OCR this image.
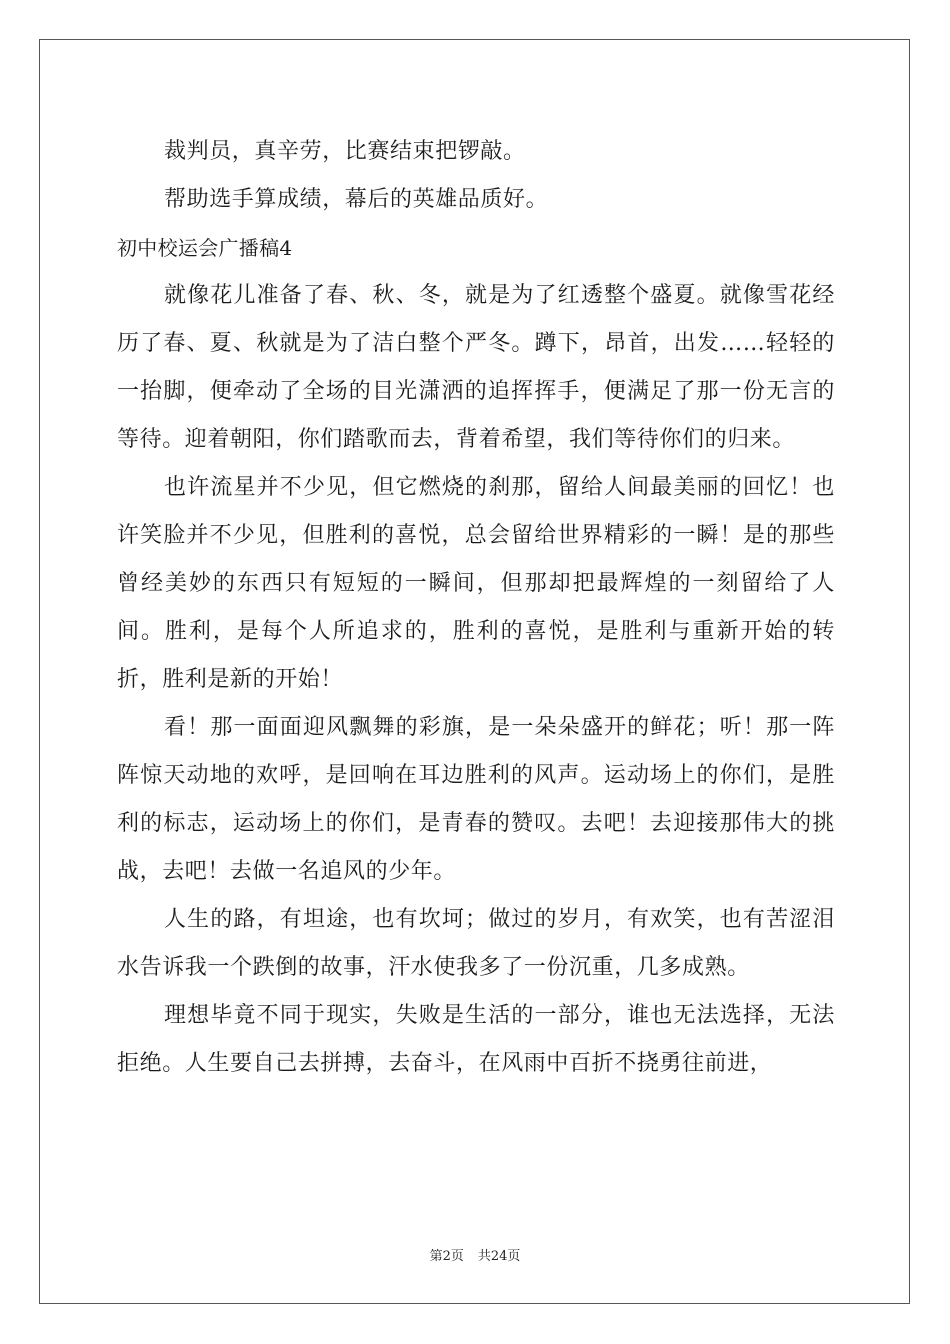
裁判员，真辛劳，比赛结束把锣敲。

帮助选手算成绩，幕后的英雄品质好。

初中校运会广播稿4

就像花儿准备了春、秋、冬，就是为了红透整个盛夏。就像雪花经历了春、夏、秋就是为了洁白整个严冬。蹲下，昂首，出发……轻轻的一抬脚，便牵动了全场的目光潇洒的追挥挥手，便满足了那一份无言的等待。迎着朝阳，你们踏歌而去，背着希望，我们等待你们的归来。

也许流星并不少见，但它燃烧的刹那，留给人间最美丽的回忆！也许笑脸并不少见，但胜利的喜悦，总会留给世界精彩的一瞬！是的那些曾经美妙的东西只有短短的一瞬间，但那却把最辉煌的一刻留给了人间。胜利，是每个人所追求的，胜利的喜悦，是胜利与重新开始的转折，胜利是新的开始！

看！那一面面迎风飘舞的彩旗，是一朵朵盛开的鲜花；听！那一阵阵惊天动地的欢呼，是回响在耳边胜利的风声。运动场上的你们，是胜利的标志，运动场上的你们，是青春的赞叹。去吧！去迎接那伟大的挑战，去吧！去做一名追风的少年。

人生的路，有坦途，也有坎坷；做过的岁月，有欢笑，也有苦涩泪水告诉我一个跌倒的故事，汗水使我多了一份沉重，几多成熟。

理想毕竟不同于现实，失败是生活的一部分，谁也无法选择，无法拒绝。人生要自己去拼搏，去奋斗，在风雨中百折不挠勇往前进，

第2页 共24页
